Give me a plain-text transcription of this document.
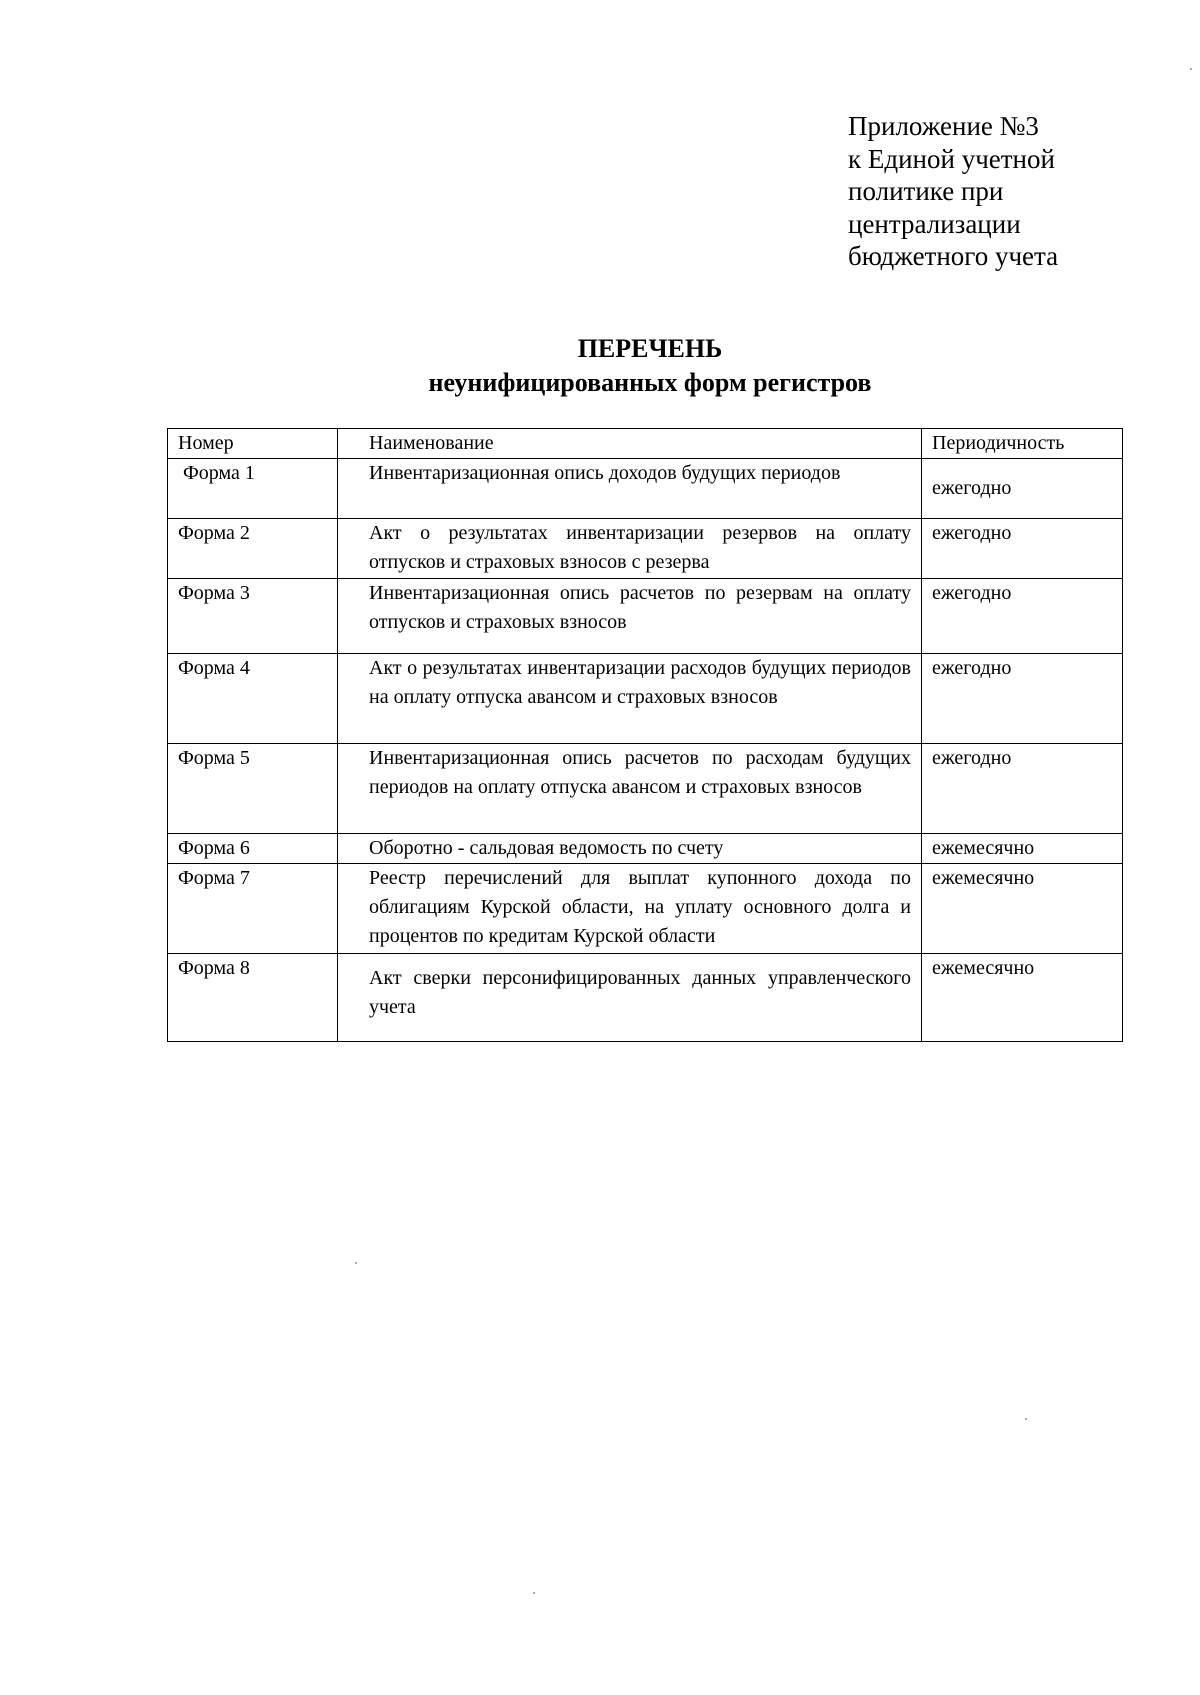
Приложение №3
к Единой учетной
политике при
централизации
бюджетного учета
ПЕРЕЧЕНЬ
неунифицированных форм регистров
Номер	Наименование	Периодичность
Форма 1	Инвентаризационная опись доходов будущих периодов	ежегодно
Форма 2	Акт о результатах инвентаризации резервов на оплату отпусков и страховых взносов с резерва	ежегодно
Форма 3	Инвентаризационная опись расчетов по резервам на оплату отпусков и страховых взносов	ежегодно
Форма 4	Акт о результатах инвентаризации расходов будущих периодов на оплату отпуска авансом и страховых взносов	ежегодно
Форма 5	Инвентаризационная опись расчетов по расходам будущих периодов на оплату отпуска авансом и страховых взносов	ежегодно
Форма 6	Оборотно - сальдовая ведомость по счету	ежемесячно
Форма 7	Реестр перечислений для выплат купонного дохода по облигациям Курской области, на уплату основного долга и процентов по кредитам Курской области	ежемесячно
Форма 8	Акт сверки персонифицированных данных управленческого учета	ежемесячно
